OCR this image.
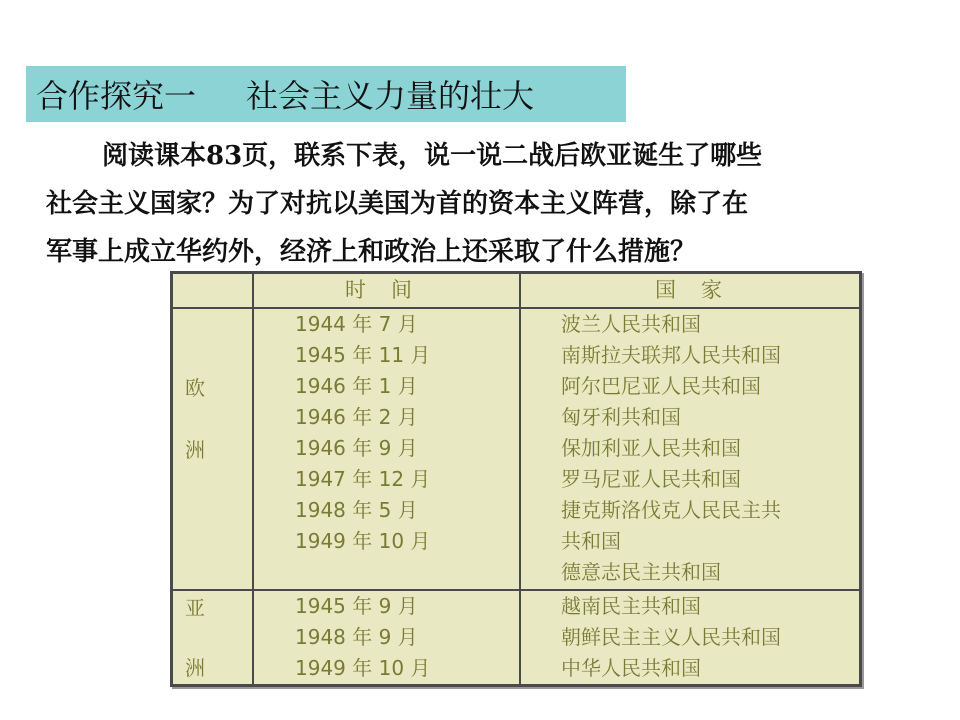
合作探究一 社会主义力量的壮大
阅读课本83页，联系下表，说一说二战后欧亚诞生了哪些
社会主义国家？为了对抗以美国为首的资本主义阵营，除了在
军事上成立华约外，经济上和政治上还采取了什么措施？
时　间	国　家
欧
洲
亚
洲
1944 年 7 月
1945 年 11 月
1946 年 1 月
1946 年 2 月
1946 年 9 月
1947 年 12 月
1948 年 5 月
1949 年 10 月
波兰人民共和国
南斯拉夫联邦人民共和国
阿尔巴尼亚人民共和国
匈牙利共和国
保加利亚人民共和国
罗马尼亚人民共和国
捷克斯洛伐克人民民主共
共和国
德意志民主共和国
1945 年 9 月
1948 年 9 月
1949 年 10 月
越南民主共和国
朝鲜民主主义人民共和国
中华人民共和国
